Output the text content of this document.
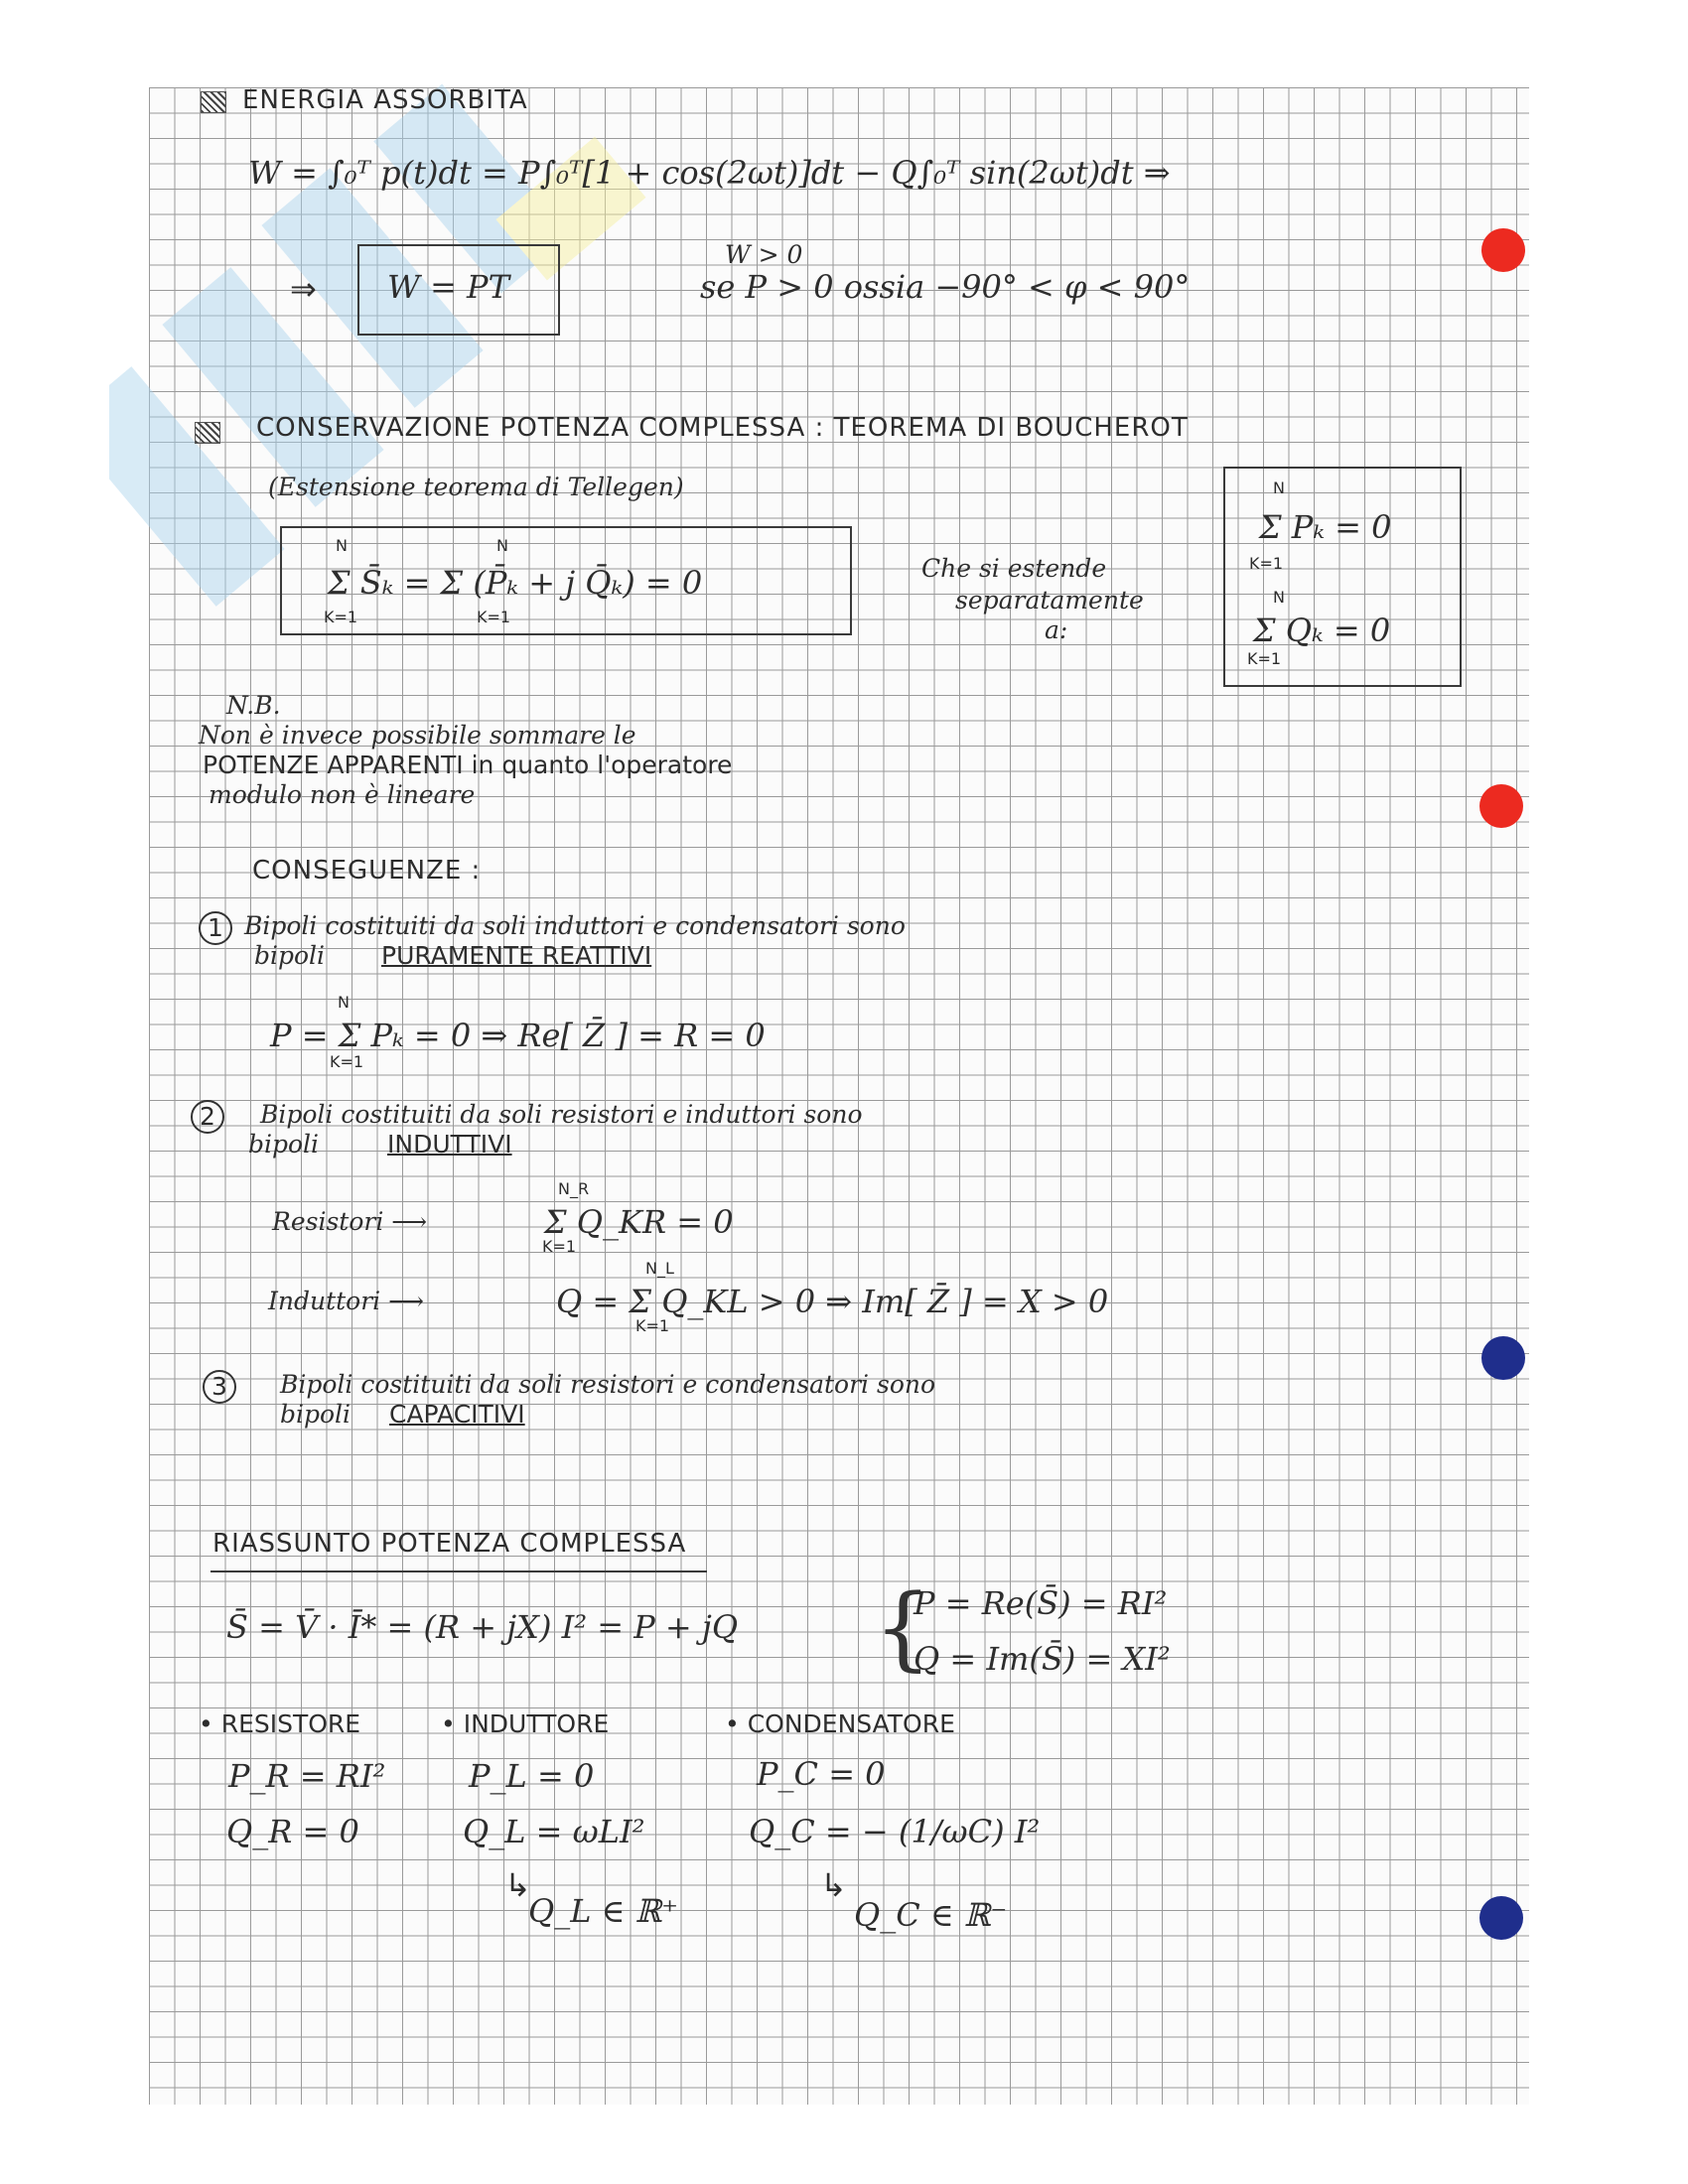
ENERGIA ASSORBITA
W = ∫₀ᵀ p(t)dt = P∫₀ᵀ[1 + cos(2ωt)]dt − Q∫₀ᵀ sin(2ωt)dt ⇒
⇒ W = PT
W > 0
se P > 0 ossia −90° < φ < 90°
CONSERVAZIONE POTENZA COMPLESSA : TEOREMA DI BOUCHEROT
(Estensione teorema di Tellegen)
N
K=1
N
K=1
Σ S̄ₖ = Σ (P̄ₖ + j Q̄ₖ) = 0	Che si estende
separatamente
a:
N
Σ Pₖ = 0
K=1
N
Σ Qₖ = 0
K=1
N.B.
Non è invece possibile sommare le
POTENZE APPARENTI in quanto l'operatore
modulo non è lineare
CONSEGUENZE :
1 Bipoli costituiti da soli induttori e condensatori sono
bipoli PURAMENTE REATTIVI
N
P = Σ Pₖ = 0 ⇒ Re[ Z̄ ] = R = 0
K=1
2	Bipoli costituiti da soli resistori e induttori sono
bipoli	INDUTTIVI
Resistori ⟶
N_R
Σ Q_KR = 0
K=1
Induttori ⟶
N_L
Q = Σ Q_KL > 0 ⇒ Im[ Z̄ ] = X > 0
K=1
3	Bipoli costituiti da soli resistori e condensatori sono
bipoli CAPACITIVI
RIASSUNTO POTENZA COMPLESSA
S̄ = V̄ · Ī* = (R + jX) I² = P + jQ {
P = Re(S̄) = RI²
Q = Im(S̄) = XI²
• RESISTORE
P_R = RI²
Q_R = 0
• INDUTTORE
P_L = 0
Q_L = ωLI²
↳
Q_L ∈ ℝ⁺
• CONDENSATORE
P_C = 0
Q_C = − (1/ωC) I²
↳
Q_C ∈ ℝ⁻
